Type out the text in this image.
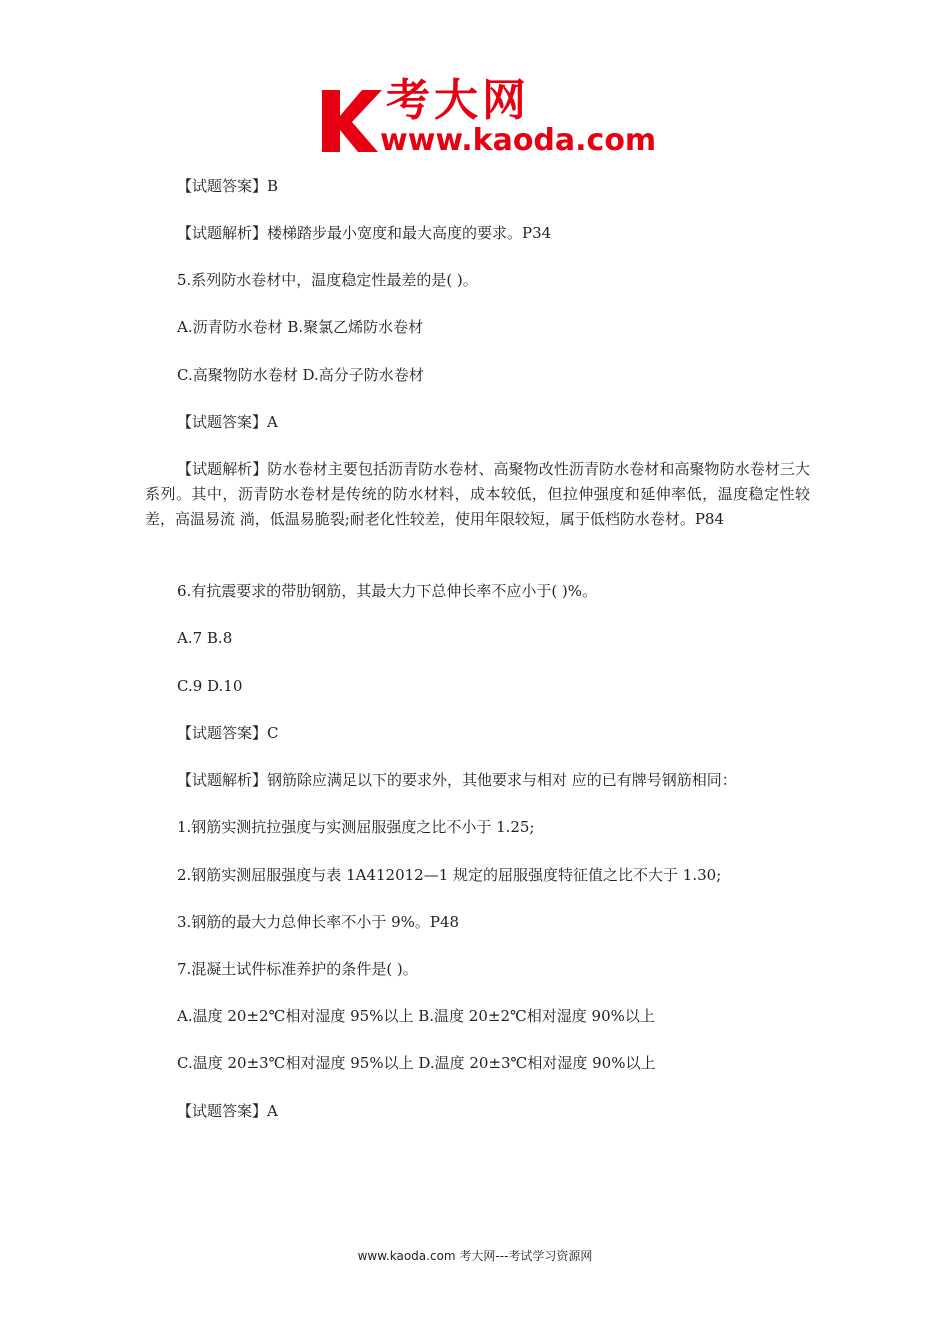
考大网
www.kaoda.com
【试题答案】B
【试题解析】楼梯踏步最小宽度和最大高度的要求。P34
5.系列防水卷材中，温度稳定性最差的是( )。
A.沥青防水卷材 B.聚氯乙烯防水卷材
C.高聚物防水卷材 D.高分子防水卷材
【试题答案】A
【试题解析】防水卷材主要包括沥青防水卷材、高聚物改性沥青防水卷材和高聚物防水卷材三大系列。其中，沥青防水卷材是传统的防水材料，成本较低，但拉伸强度和延伸率低，温度稳定性较差，高温易流 淌，低温易脆裂;耐老化性较差，使用年限较短，属于低档防水卷材。P84
6.有抗震要求的带肋钢筋，其最大力下总伸长率不应小于( )%。
A.7 B.8
C.9 D.10
【试题答案】C
【试题解析】钢筋除应满足以下的要求外，其他要求与相对 应的已有牌号钢筋相同：
1.钢筋实测抗拉强度与实测屈服强度之比不小于 1.25;
2.钢筋实测屈服强度与表 1A412012—1 规定的屈服强度特征值之比不大于 1.30;
3.钢筋的最大力总伸长率不小于 9%。P48
7.混凝土试件标准养护的条件是( )。
A.温度 20±2℃相对湿度 95%以上 B.温度 20±2℃相对湿度 90%以上
C.温度 20±3℃相对湿度 95%以上 D.温度 20±3℃相对湿度 90%以上
【试题答案】A
www.kaoda.com 考大网---考试学习资源网
